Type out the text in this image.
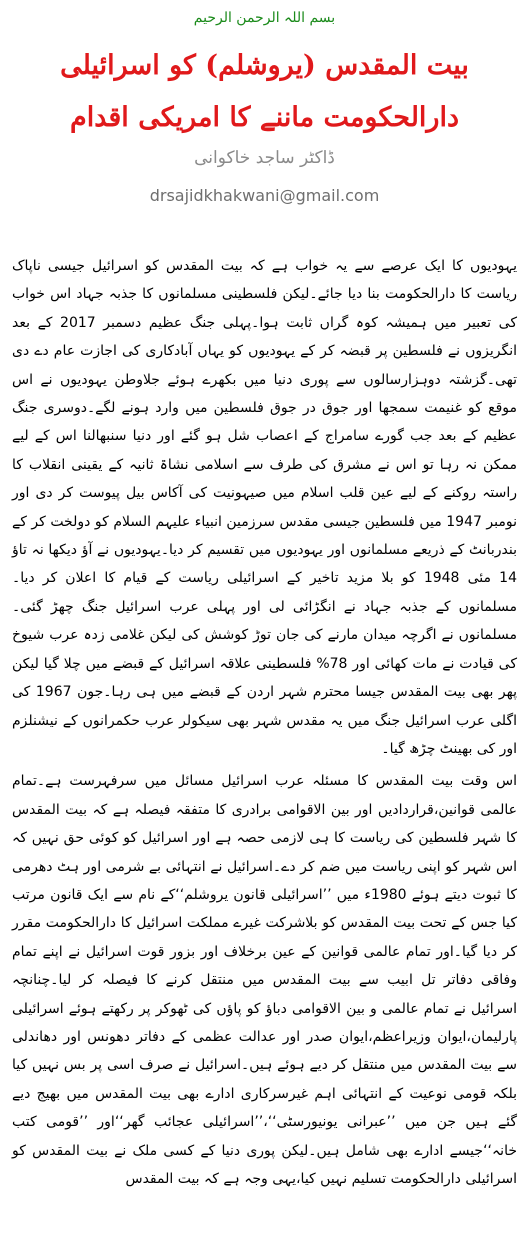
بسم اللہ الرحمن الرحیم
بیت المقدس (یروشلم) کو اسرائیلی دارالحکومت ماننے کا امریکی اقدام
ڈاکٹر ساجد خاکوانی
drsajidkhakwani@gmail.com

یہودیوں کا ایک عرصے سے یہ خواب ہے کہ بیت المقدس کو اسرائیل جیسی ناپاک ریاست کا دارالحکومت بنا دیا جائے۔لیکن فلسطینی مسلمانوں کا جذبہ جہاد اس خواب کی تعبیر میں ہمیشہ کوہ گراں ثابت ہوا۔پہلی جنگ عظیم دسمبر 2017 کے بعد انگریزوں نے فلسطین پر قبضہ کر کے یہودیوں کو یہاں آبادکاری کی اجازت عام دے دی تھی۔گزشتہ دوہزارسالوں سے پوری دنیا میں بکھرے ہوئے جلاوطن یہودیوں نے اس موقع کو غنیمت سمجھا اور جوق در جوق فلسطین میں وارد ہونے لگے۔دوسری جنگ عظیم کے بعد جب گورے سامراج کے اعصاب شل ہو گئے اور دنیا سنبھالنا اس کے لیے ممکن نہ رہا تو اس نے مشرق کی طرف سے اسلامی نشاۃ ثانیہ کے یقینی انقلاب کا راستہ روکنے کے لیے عین قلب اسلام میں صیہونیت کی آکاس بیل پیوست کر دی اور نومبر 1947 میں فلسطین جیسی مقدس سرزمین انبیاء علیہم السلام کو دولخت کر کے بندربانٹ کے ذریعے مسلمانوں اور یہودیوں میں تقسیم کر دیا۔یہودیوں نے آؤ دیکھا نہ تاؤ 14 مئی 1948 کو بلا مزید تاخیر کے اسرائیلی ریاست کے قیام کا اعلان کر دیا۔مسلمانوں کے جذبہ جہاد نے انگڑائی لی اور پہلی عرب اسرائیل جنگ چھڑ گئی۔مسلمانوں نے اگرچہ میدان مارنے کی جان توڑ کوشش کی لیکن غلامی زدہ عرب شیوخ کی قیادت نے مات کھائی اور 78% فلسطینی علاقہ اسرائیل کے قبضے میں چلا گیا لیکن پھر بھی بیت المقدس جیسا محترم شہر اردن کے قبضے میں ہی رہا۔جون 1967 کی اگلی عرب اسرائیل جنگ میں یہ مقدس شہر بھی سیکولر عرب حکمرانوں کے نیشنلزم اور کی بھینٹ چڑھ گیا۔

اس وقت بیت المقدس کا مسئلہ عرب اسرائیل مسائل میں سرفہرست ہے۔تمام عالمی قوانین،قراردادیں اور بین الاقوامی برادری کا متفقہ فیصلہ ہے کہ بیت المقدس کا شہر فلسطین کی ریاست کا ہی لازمی حصہ ہے اور اسرائیل کو کوئی حق نہیں کہ اس شہر کو اپنی ریاست میں ضم کر دے۔اسرائیل نے انتہائی بے شرمی اور ہٹ دھرمی کا ثبوت دیتے ہوئے 1980ء میں ’’اسرائیلی قانون یروشلم‘‘کے نام سے ایک قانون مرتب کیا جس کے تحت بیت المقدس کو بلاشرکت غیرے مملکت اسرائیل کا دارالحکومت مقرر کر دیا گیا۔اور تمام عالمی قوانین کے عین برخلاف اور بزور قوت اسرائیل نے اپنے تمام وفاقی دفاتر تل ابیب سے بیت المقدس میں منتقل کرنے کا فیصلہ کر لیا۔چنانچہ اسرائیل نے تمام عالمی و بین الاقوامی دباؤ کو پاؤں کی ٹھوکر پر رکھتے ہوئے اسرائیلی پارلیمان،ایوان وزیراعظم،ایوان صدر اور عدالت عظمی کے دفاتر دھونس اور دھاندلی سے بیت المقدس میں منتقل کر دیے ہوئے ہیں۔اسرائیل نے صرف اسی پر بس نہیں کیا بلکہ قومی نوعیت کے انتہائی اہم غیرسرکاری ادارے بھی بیت المقدس میں بھیج دیے گئے ہیں جن میں ’’عبرانی یونیورسٹی‘‘،’’اسرائیلی عجائب گھر‘‘اور ’’قومی کتب خانہ‘‘جیسے ادارے بھی شامل ہیں۔لیکن پوری دنیا کے کسی ملک نے بیت المقدس کو اسرائیلی دارالحکومت تسلیم نہیں کیا،یہی وجہ ہے کہ بیت المقدس
